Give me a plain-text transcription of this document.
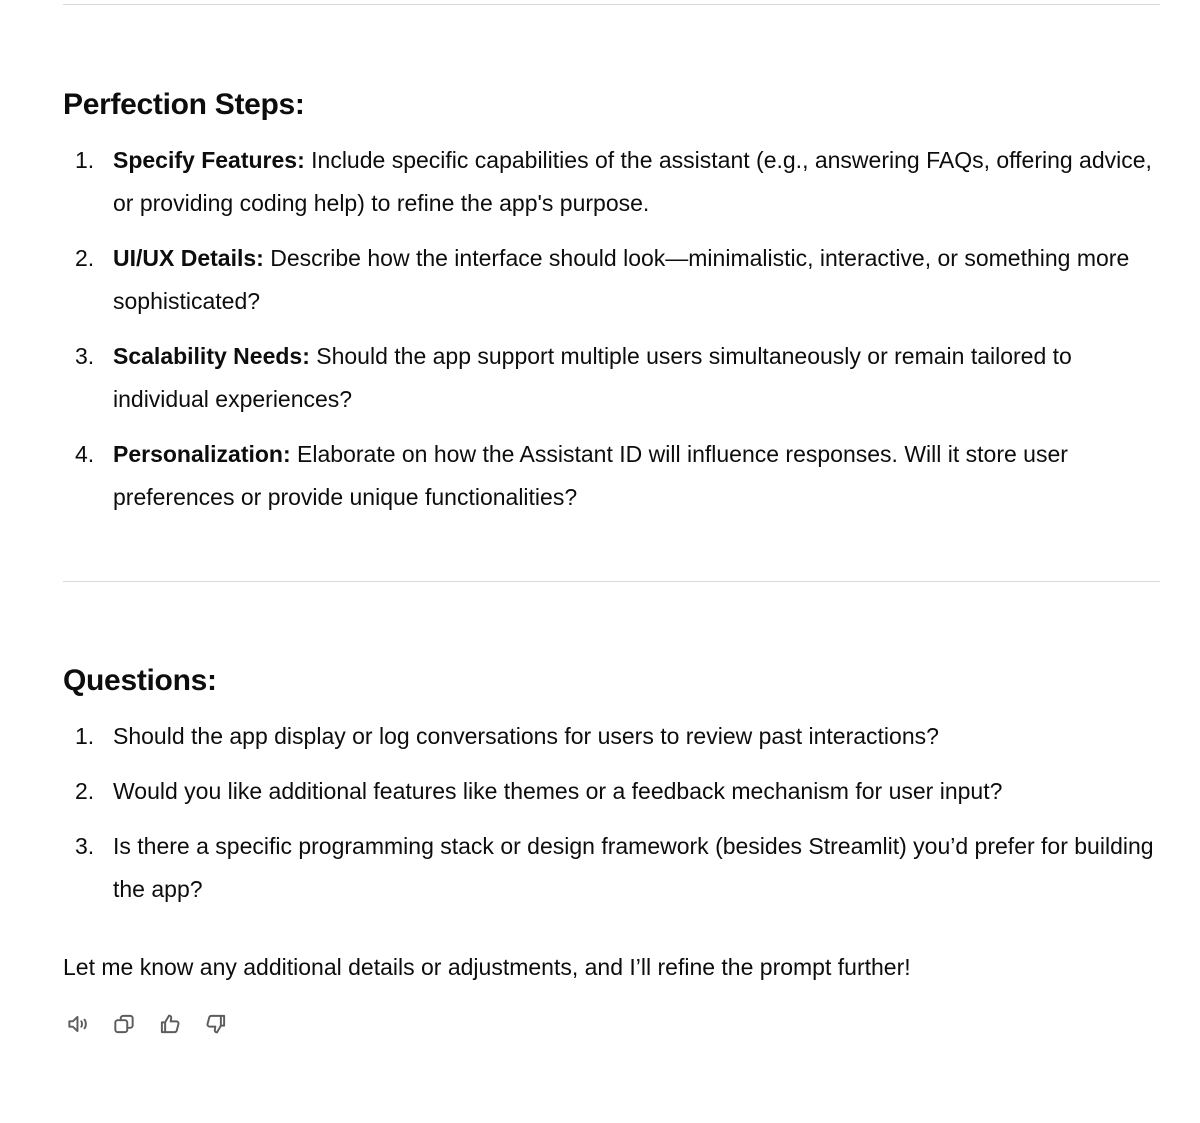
Perfection Steps:
1. Specify Features: Include specific capabilities of the assistant (e.g., answering FAQs, offering advice, or providing coding help) to refine the app's purpose.
2. UI/UX Details: Describe how the interface should look—minimalistic, interactive, or something more sophisticated?
3. Scalability Needs: Should the app support multiple users simultaneously or remain tailored to individual experiences?
4. Personalization: Elaborate on how the Assistant ID will influence responses. Will it store user preferences or provide unique functionalities?
Questions:
1. Should the app display or log conversations for users to review past interactions?
2. Would you like additional features like themes or a feedback mechanism for user input?
3. Is there a specific programming stack or design framework (besides Streamlit) you’d prefer for building the app?

Let me know any additional details or adjustments, and I’ll refine the prompt further!
